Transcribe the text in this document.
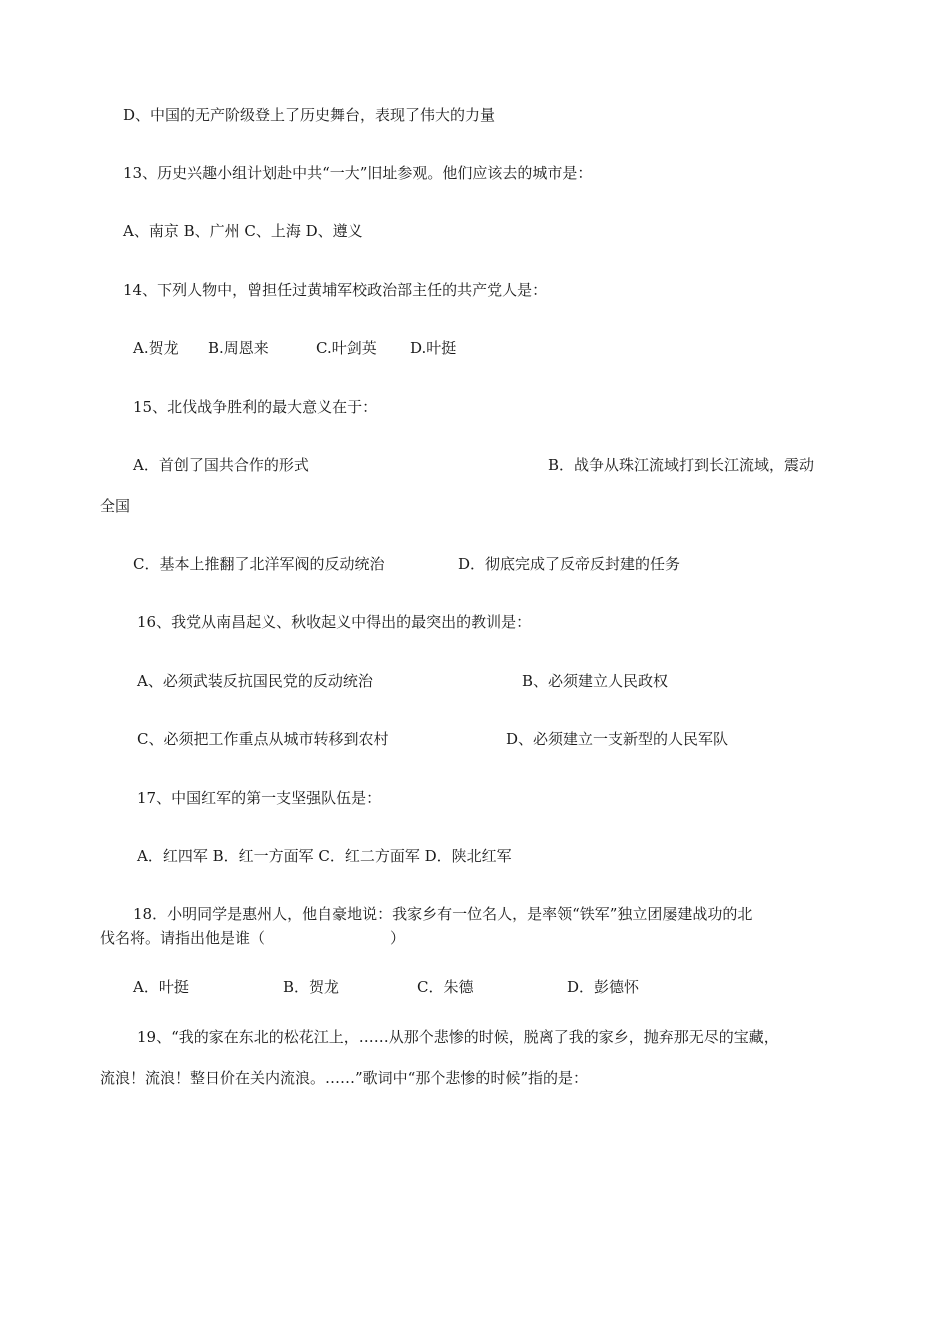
D、中国的无产阶级登上了历史舞台，表现了伟大的力量
13、历史兴趣小组计划赴中共“一大”旧址参观。他们应该去的城市是：
A、南京 B、广州 C、上海 D、遵义
14、下列人物中，曾担任过黄埔军校政治部主任的共产党人是：
A.贺龙 B.周恩来	C.叶剑英 D.叶挺
15、北伐战争胜利的最大意义在于：
A．首创了国共合作的形式	B．战争从珠江流域打到长江流域，震动
全国
C．基本上推翻了北洋军阀的反动统治	D．彻底完成了反帝反封建的任务
16、我党从南昌起义、秋收起义中得出的最突出的教训是：
A、必须武装反抗国民党的反动统治	B、必须建立人民政权
C、必须把工作重点从城市转移到农村	D、必须建立一支新型的人民军队
17、中国红军的第一支坚强队伍是：
A．红四军 B．红一方面军 C．红二方面军 D．陕北红军
18．小明同学是惠州人，他自豪地说：我家乡有一位名人，是率领“铁军”独立团屡建战功的北
伐名将。请指出他是谁（	）
A．叶挺	B．贺龙	C．朱德	D．彭德怀
19、“我的家在东北的松花江上，……从那个悲惨的时候，脱离了我的家乡，抛弃那无尽的宝藏，
流浪！流浪！整日价在关内流浪。……”歌词中“那个悲惨的时候”指的是：
